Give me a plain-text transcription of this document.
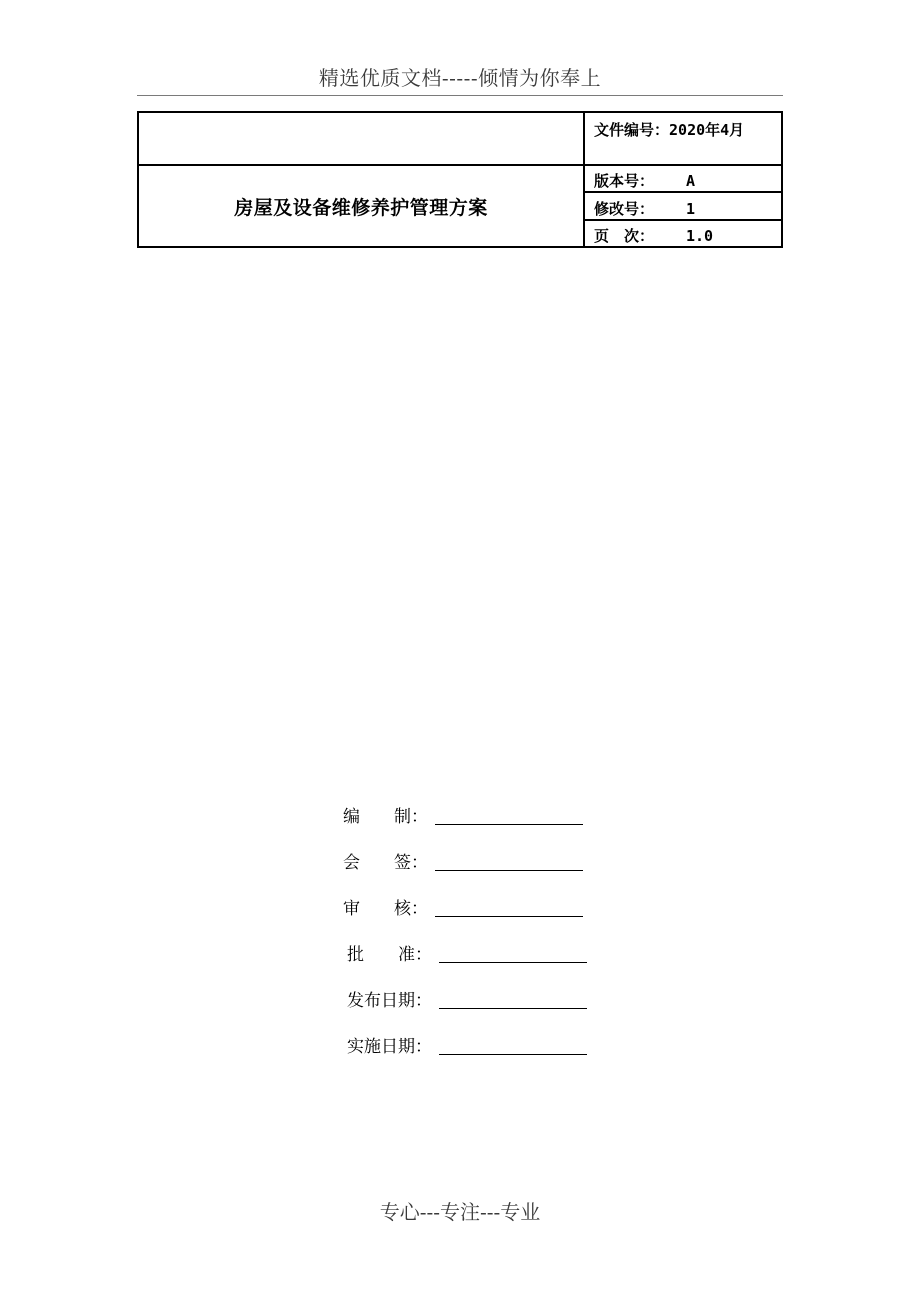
精选优质文档-----倾情为你奉上
房屋及设备维修养护管理方案
文件编号：2020年4月
版本号： A
修改号： 1
页　次： 1.0
编　　制：
会　　签：
审　　核：
批　　准：
发布日期：
实施日期：
专心---专注---专业
